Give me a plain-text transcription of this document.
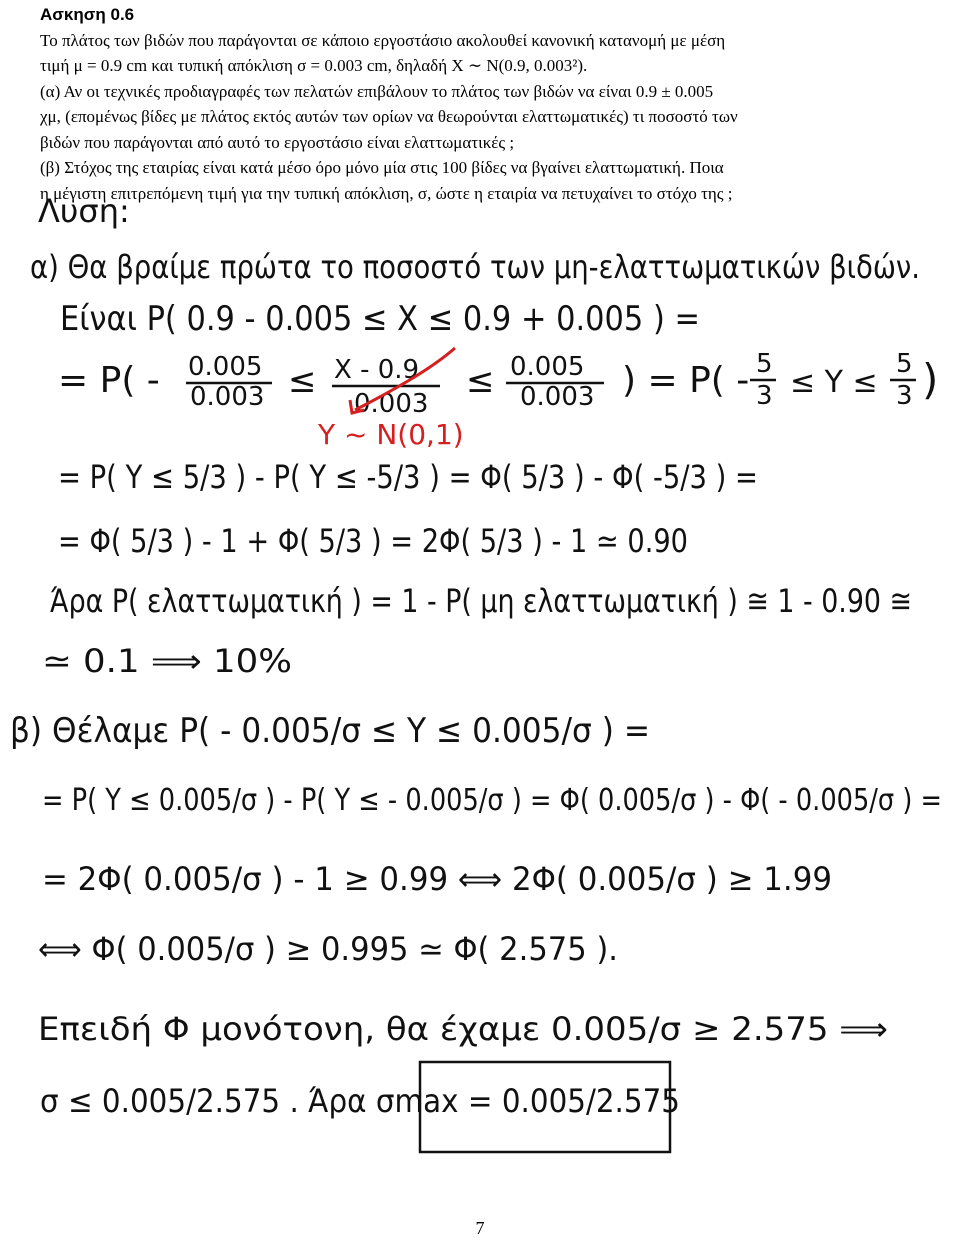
Ασκηση 0.6
Το πλάτος των βιδών που παράγονται σε κάποιο εργοστάσιο ακολουθεί κανονική κατανομή με μέση
τιμή μ = 0.9 cm και τυπική απόκλιση σ = 0.003 cm, δηλαδή X ∼ N(0.9, 0.003²).
(α) Αν οι τεχνικές προδιαγραφές των πελατών επιβάλουν το πλάτος των βιδών να είναι 0.9 ± 0.005
χμ, (επομένως βίδες με πλάτος εκτός αυτών των ορίων να θεωρούνται ελαττωματικές) τι ποσοστό των
βιδών που παράγονται από αυτό το εργοστάσιο είναι ελαττωματικές ;
(β) Στόχος της εταιρίας είναι κατά μέσο όρο μόνο μία στις 100 βίδες να βγαίνει ελαττωματική. Ποια
η μέγιστη επιτρεπόμενη τιμή για την τυπική απόκλιση, σ, ώστε η εταιρία να πετυχαίνει το στόχο της ;
Λυση:
α) Θα βραίμε πρώτα το ποσοστό των μη-ελαττωματικών βιδών.
Είναι P( 0.9 - 0.005 ≤ X ≤ 0.9 + 0.005 ) =
= P( - 0.005
0.003 ≤ X - 0.9
0.003
≤ 0.005
0.003 ) = P( - 5
3 ≤ Y ≤
5
3 )
Y ~ N(0,1)
= P( Y ≤ 5/3 ) - P( Y ≤ -5/3 ) = Φ( 5/3 ) - Φ( -5/3 ) =
= Φ( 5/3 ) - 1 + Φ( 5/3 ) = 2Φ( 5/3 ) - 1 ≃ 0.90
Άρα P( ελαττωματική ) = 1 - P( μη ελαττωματική ) ≅ 1 - 0.90 ≅
≃ 0.1 ⟹ 10%
β) Θέλαμε P( - 0.005/σ ≤ Y ≤ 0.005/σ ) =
= P( Y ≤ 0.005/σ ) - P( Y ≤ - 0.005/σ ) = Φ( 0.005/σ ) - Φ( - 0.005/σ ) =
= 2Φ( 0.005/σ ) - 1 ≥ 0.99 ⟺ 2Φ( 0.005/σ ) ≥ 1.99
⟺ Φ( 0.005/σ ) ≥ 0.995 ≃ Φ( 2.575 ).
Επειδή Φ μονότονη, θα έχαμε 0.005/σ ≥ 2.575 ⟹
σ ≤ 0.005/2.575 . Άρα σmax = 0.005/2.575
7
